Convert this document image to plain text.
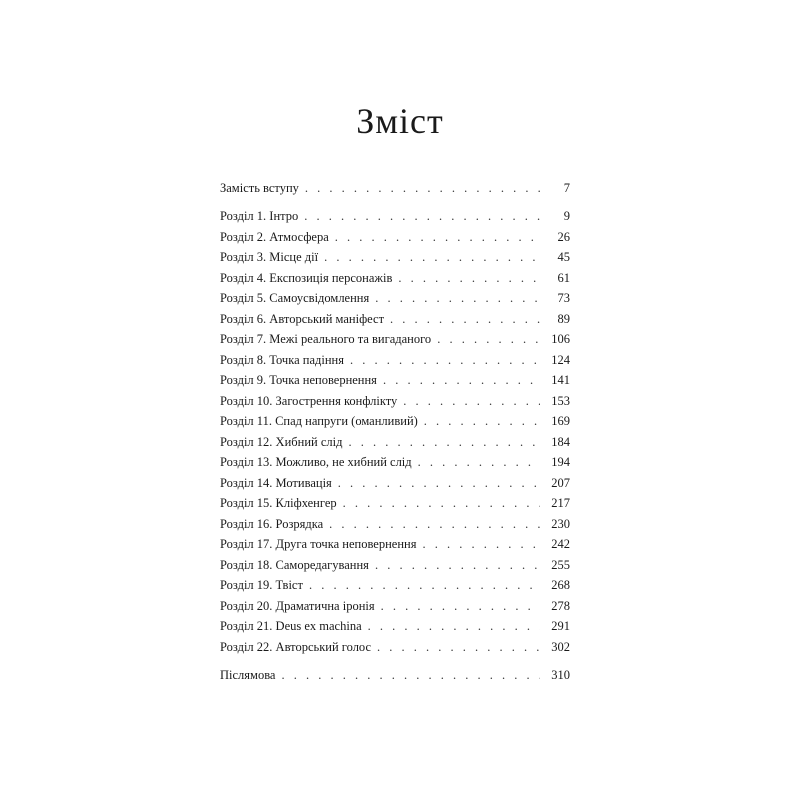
Зміст
Замість вступу . . .	7
Розділ 1. Інтро . . .	9
Розділ 2. Атмосфера . . .	26
Розділ 3. Місце дії . . .	45
Розділ 4. Експозиція персонажів . . .	61
Розділ 5. Самоусвідомлення . . .	73
Розділ 6. Авторський маніфест . . .	89
Розділ 7. Межі реального та вигаданого . . .	106
Розділ 8. Точка падіння . . .	124
Розділ 9. Точка неповернення . . .	141
Розділ 10. Загострення конфлікту . . .	153
Розділ 11. Спад напруги (оманливий) . . .	169
Розділ 12. Хибний слід . . .	184
Розділ 13. Можливо, не хибний слід . . .	194
Розділ 14. Мотивація . . .	207
Розділ 15. Кліфхенгер . . .	217
Розділ 16. Розрядка . . .	230
Розділ 17. Друга точка неповернення . . .	242
Розділ 18. Саморедагування . . .	255
Розділ 19. Твіст . . .	268
Розділ 20. Драматична іронія . . .	278
Розділ 21. Deus ex machina . . .	291
Розділ 22. Авторський голос . . .	302
Післямова . . .	310
